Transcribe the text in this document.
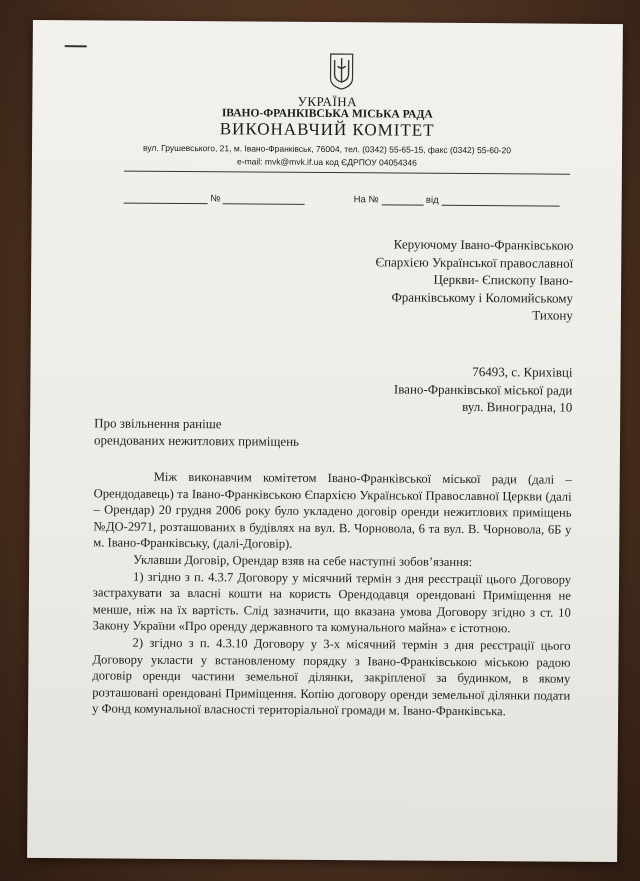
УКРАЇНА
ІВАНО-ФРАНКІВСЬКА МІСЬКА РАДА
ВИКОНАВЧИЙ КОМІТЕТ
вул. Грушевського, 21, м. Івано-Франківськ, 76004, тел. (0342) 55-65-15, факс (0342) 55-60-20
e-mail: mvk@mvk.if.ua код ЄДРПОУ 04054346
№	На №	від
Керуючому Івано-Франківською
Єпархією Української православної
Церкви- Єпископу Івано-
Франківському і Коломийському
Тихону
76493, с. Крихівці
Івано-Франківської міської ради
вул. Виноградна, 10
Про звільнення раніше
орендованих нежитлових приміщень

Між виконавчим комітетом Івано-Франківської міської ради (далі – Орендодавець) та Івано-Франківською Єпархією Української Православної Церкви (далі – Орендар) 20 грудня 2006 року було укладено договір оренди нежитлових приміщень №ДО-2971, розташованих в будівлях на вул. В. Чорновола, 6 та вул. В. Чорновола, 6Б у м. Івано-Франківську, (далі-Договір).

Уклавши Договір, Орендар взяв на себе наступні зобов’язання:

1) згідно з п. 4.3.7 Договору у місячний термін з дня реєстрації цього Договору застрахувати за власні кошти на користь Орендодавця орендовані Приміщення не менше, ніж на їх вартість. Слід зазначити, що вказана умова Договору згідно з ст. 10 Закону України «Про оренду державного та комунального майна» є істотною.

2) згідно з п. 4.3.10 Договору у 3-х місячний термін з дня реєстрації цього Договору укласти у встановленому порядку з Івано-Франківською міською радою договір оренди частини земельної ділянки, закріпленої за будинком, в якому розташовані орендовані Приміщення. Копію договору оренди земельної ділянки подати у Фонд комунальної власності територіальної громади м. Івано-Франківська.
